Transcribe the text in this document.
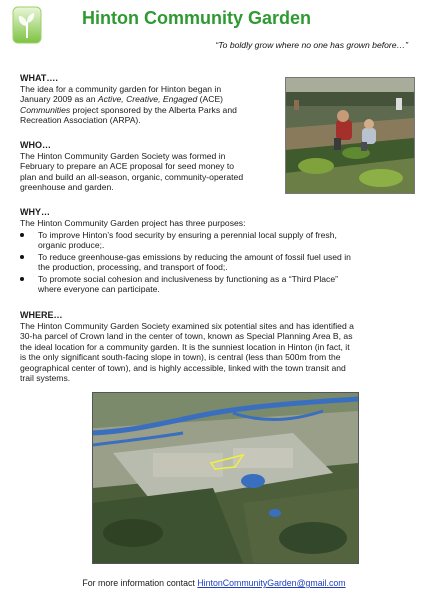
Hinton Community Garden
“To boldly grow where no one has grown before…”
WHAT….
The idea for a community garden for Hinton began in
January 2009 as an Active, Creative, Engaged (ACE)
Communities project sponsored by the Alberta Parks and
Recreation Association (ARPA).
WHO…
The Hinton Community Garden Society was formed in
February to prepare an ACE proposal for seed money to
plan and build an all-season, organic, community-operated
greenhouse and garden.
WHY…
The Hinton Community Garden project has three purposes:
To improve Hinton’s food security by ensuring a perennial local supply of fresh,
organic produce;.
To reduce greenhouse-gas emissions by reducing the amount of fossil fuel used in
the production, processing, and transport of food;.
To promote social cohesion and inclusiveness by functioning as a “Third Place”
where everyone can participate.
WHERE…
The Hinton Community Garden Society examined six potential sites and has identified a
30-ha parcel of Crown land in the center of town, known as Special Planning Area B, as
the ideal location for a community garden. It is the sunniest location in Hinton (in fact, it
is the only significant south-facing slope in town), is central (less than 500m from the
geographical center of town), and is highly accessible, linked with the town transit and
trail systems.
For more information contact HintonCommunityGarden@gmail.com
